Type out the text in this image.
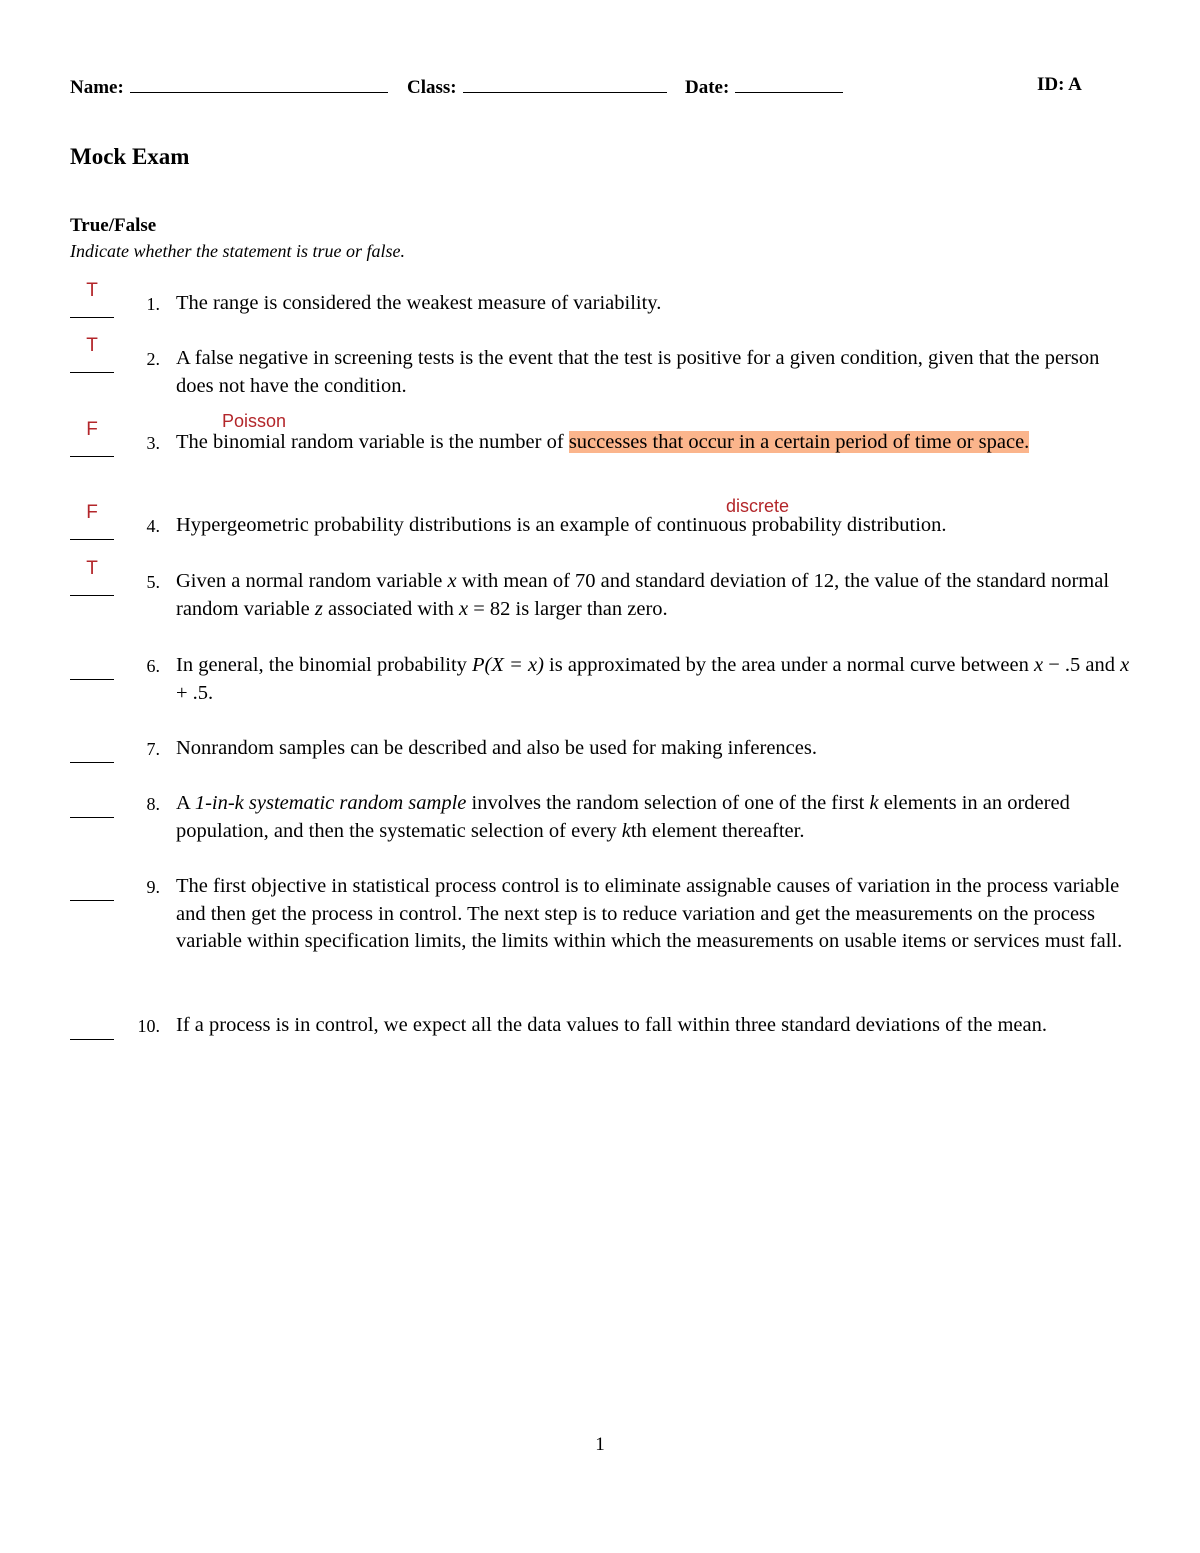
Name:	Class:	Date:	ID: A
Mock Exam
True/False
Indicate whether the statement is true or false.
T
1. The range is considered the weakest measure of variability.
T
2. A false negative in screening tests is the event that the test is positive for a given condition, given that the person does not have the condition.
Poisson
F
3. The binomial random variable is the number of successes that occur in a certain period of time or space.
discrete
F
4. Hypergeometric probability distributions is an example of continuous probability distribution.
T
5. Given a normal random variable x with mean of 70 and standard deviation of 12, the value of the standard normal random variable z associated with x = 82 is larger than zero.
6. In general, the binomial probability P(X = x) is approximated by the area under a normal curve between x − .5 and x + .5.
7. Nonrandom samples can be described and also be used for making inferences.
8. A 1-in-k systematic random sample involves the random selection of one of the first k elements in an ordered population, and then the systematic selection of every kth element thereafter.
9. The first objective in statistical process control is to eliminate assignable causes of variation in the process variable and then get the process in control. The next step is to reduce variation and get the measurements on the process variable within specification limits, the limits within which the measurements on usable items or services must fall.
10. If a process is in control, we expect all the data values to fall within three standard deviations of the mean.
1
